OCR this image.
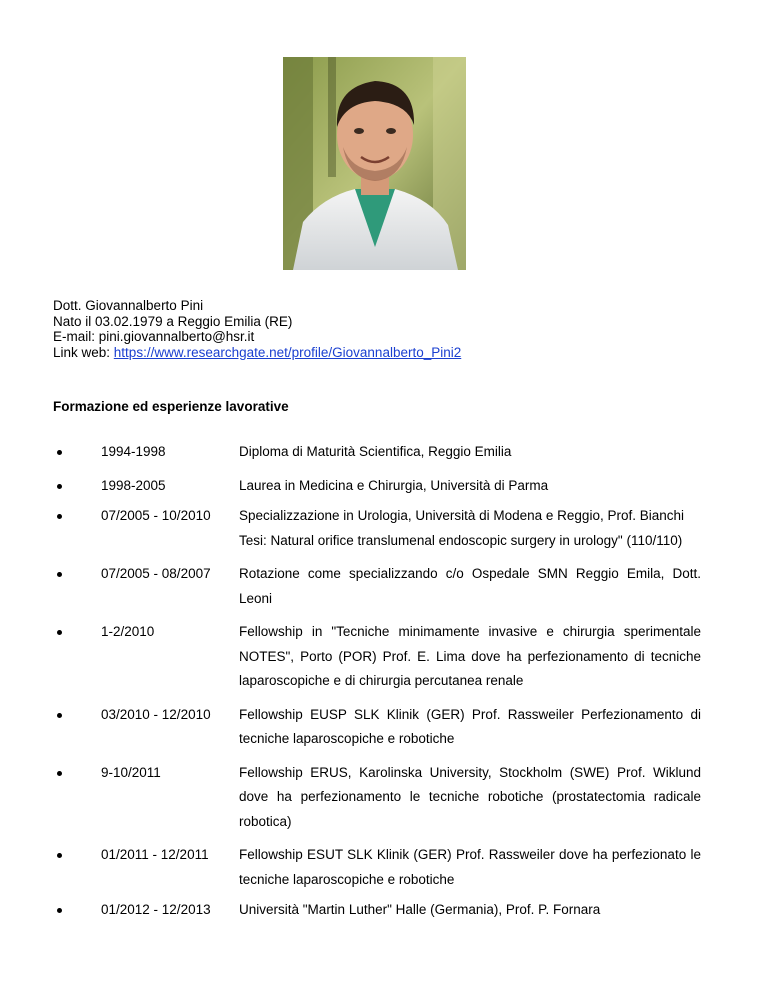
Dott. Giovannalberto Pini
Nato il 03.02.1979 a Reggio Emilia (RE)
E-mail: pini.giovannalberto@hsr.it
Link web: https://www.researchgate.net/profile/Giovannalberto_Pini2
Formazione ed esperienze lavorative
1994-1998	Diploma di Maturità Scientifica, Reggio Emilia
1998-2005	Laurea in Medicina e Chirurgia, Università di Parma
07/2005 - 10/2010	Specializzazione in Urologia, Università di Modena e Reggio, Prof. Bianchi
Tesi: Natural orifice translumenal endoscopic surgery in urology" (110/110)
07/2005 - 08/2007	Rotazione come specializzando c/o Ospedale SMN Reggio Emila, Dott. Leoni
1-2/2010	Fellowship in "Tecniche minimamente invasive e chirurgia sperimentale NOTES", Porto (POR) Prof. E. Lima dove ha perfezionamento di tecniche laparoscopiche e di chirurgia percutanea renale
03/2010 - 12/2010	Fellowship EUSP SLK Klinik (GER) Prof. Rassweiler Perfezionamento di tecniche laparoscopiche e robotiche
9-10/2011	Fellowship ERUS, Karolinska University, Stockholm (SWE) Prof. Wiklund dove ha perfezionamento le tecniche robotiche (prostatectomia radicale robotica)
01/2011 - 12/2011	Fellowship ESUT SLK Klinik (GER) Prof. Rassweiler dove ha perfezionato le tecniche laparoscopiche e robotiche
01/2012 - 12/2013	Università "Martin Luther" Halle (Germania), Prof. P. Fornara
